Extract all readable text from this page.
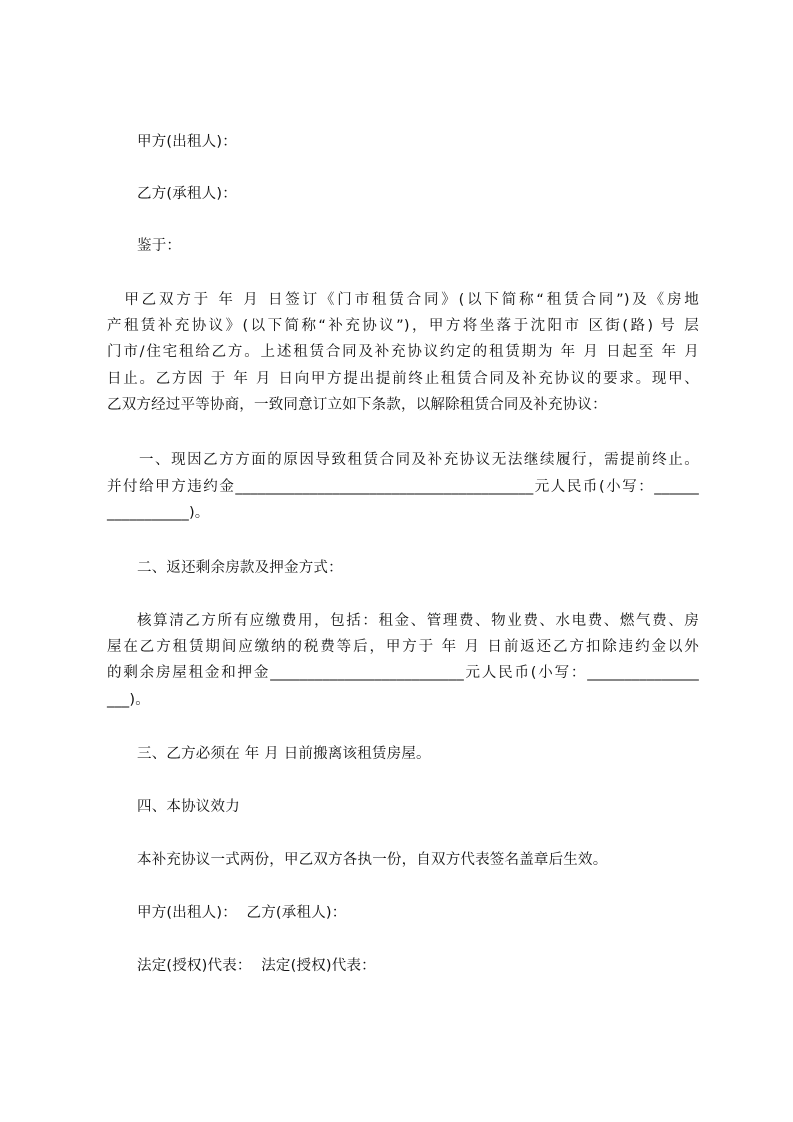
甲方(出租人)：
乙方(承租人)：
鉴于：
　甲乙双方于 年 月 日签订《门市租赁合同》(以下简称“租赁合同”)及《房地
产租赁补充协议》(以下简称“补充协议”)，甲方将坐落于沈阳市 区街(路) 号 层
门市/住宅租给乙方。上述租赁合同及补充协议约定的租赁期为 年 月 日起至 年 月
日止。乙方因 于 年 月 日向甲方提出提前终止租赁合同及补充协议的要求。现甲、
乙双方经过平等协商，一致同意订立如下条款，以解除租赁合同及补充协议：
一、现因乙方方面的原因导致租赁合同及补充协议无法继续履行，需提前终止。
并付给甲方违约金________________________________________元人民币(小写：______
___________)。
二、返还剩余房款及押金方式：
核算清乙方所有应缴费用，包括：租金、管理费、物业费、水电费、燃气费、房
屋在乙方租赁期间应缴纳的税费等后，甲方于 年 月 日前返还乙方扣除违约金以外
的剩余房屋租金和押金__________________________元人民币(小写：_______________
___)。
三、乙方必须在 年 月 日前搬离该租赁房屋。
四、本协议效力
本补充协议一式两份，甲乙双方各执一份，自双方代表签名盖章后生效。
甲方(出租人)：  乙方(承租人)：
法定(授权)代表：  法定(授权)代表：
